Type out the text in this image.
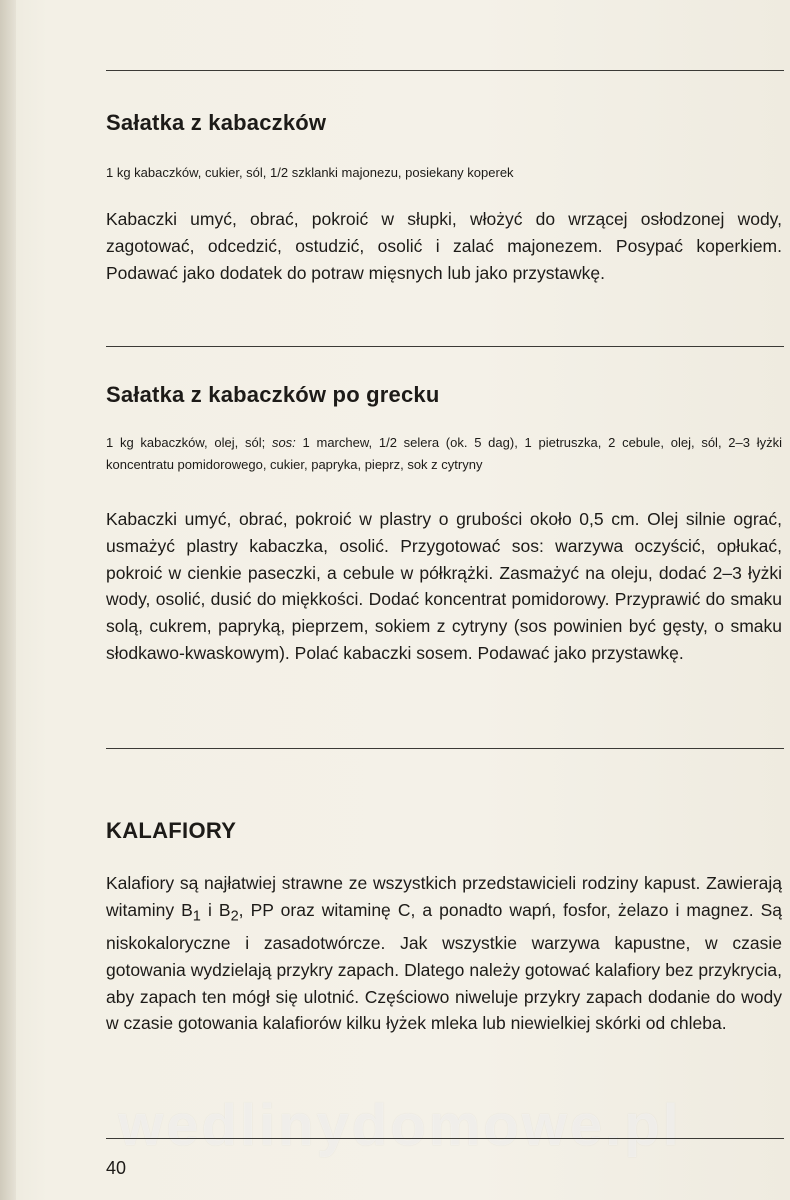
Sałatka z kabaczków

1 kg kabaczków, cukier, sól, 1/2 szklanki majonezu, posiekany koperek

Kabaczki umyć, obrać, pokroić w słupki, włożyć do wrzącej osłodzonej wody, zagotować, odcedzić, ostudzić, osolić i zalać majonezem. Posypać koperkiem. Podawać jako dodatek do potraw mięsnych lub jako przystawkę.

Sałatka z kabaczków po grecku

1 kg kabaczków, olej, sól; sos: 1 marchew, 1/2 selera (ok. 5 dag), 1 pietruszka, 2 cebule, olej, sól, 2–3 łyżki koncentratu pomidorowego, cukier, papryka, pieprz, sok z cytryny

Kabaczki umyć, obrać, pokroić w plastry o grubości około 0,5 cm. Olej silnie ograć, usmażyć plastry kabaczka, osolić. Przygotować sos: warzywa oczyścić, opłukać, pokroić w cienkie paseczki, a cebule w półkrążki. Zasmażyć na oleju, dodać 2–3 łyżki wody, osolić, dusić do miękkości. Dodać koncentrat pomidorowy. Przyprawić do smaku solą, cukrem, papryką, pieprzem, sokiem z cytryny (sos powinien być gęsty, o smaku słodkawo-kwaskowym). Polać kabaczki sosem. Podawać jako przystawkę.

KALAFIORY

Kalafiory są najłatwiej strawne ze wszystkich przedstawicieli rodziny kapust. Zawierają witaminy $B_1$ i $B_2$, PP oraz witaminę C, a ponadto wapń, fosfor, żelazo i magnez. Są niskokaloryczne i zasadotwórcze. Jak wszystkie warzywa kapustne, w czasie gotowania wydzielają przykry zapach. Dlatego należy gotować kalafiory bez przykrycia, aby zapach ten mógł się ulotnić. Częściowo niweluje przykry zapach dodanie do wody w czasie gotowania kalafiorów kilku łyżek mleka lub niewielkiej skórki od chleba.

wedlinydomowe.pl
40
